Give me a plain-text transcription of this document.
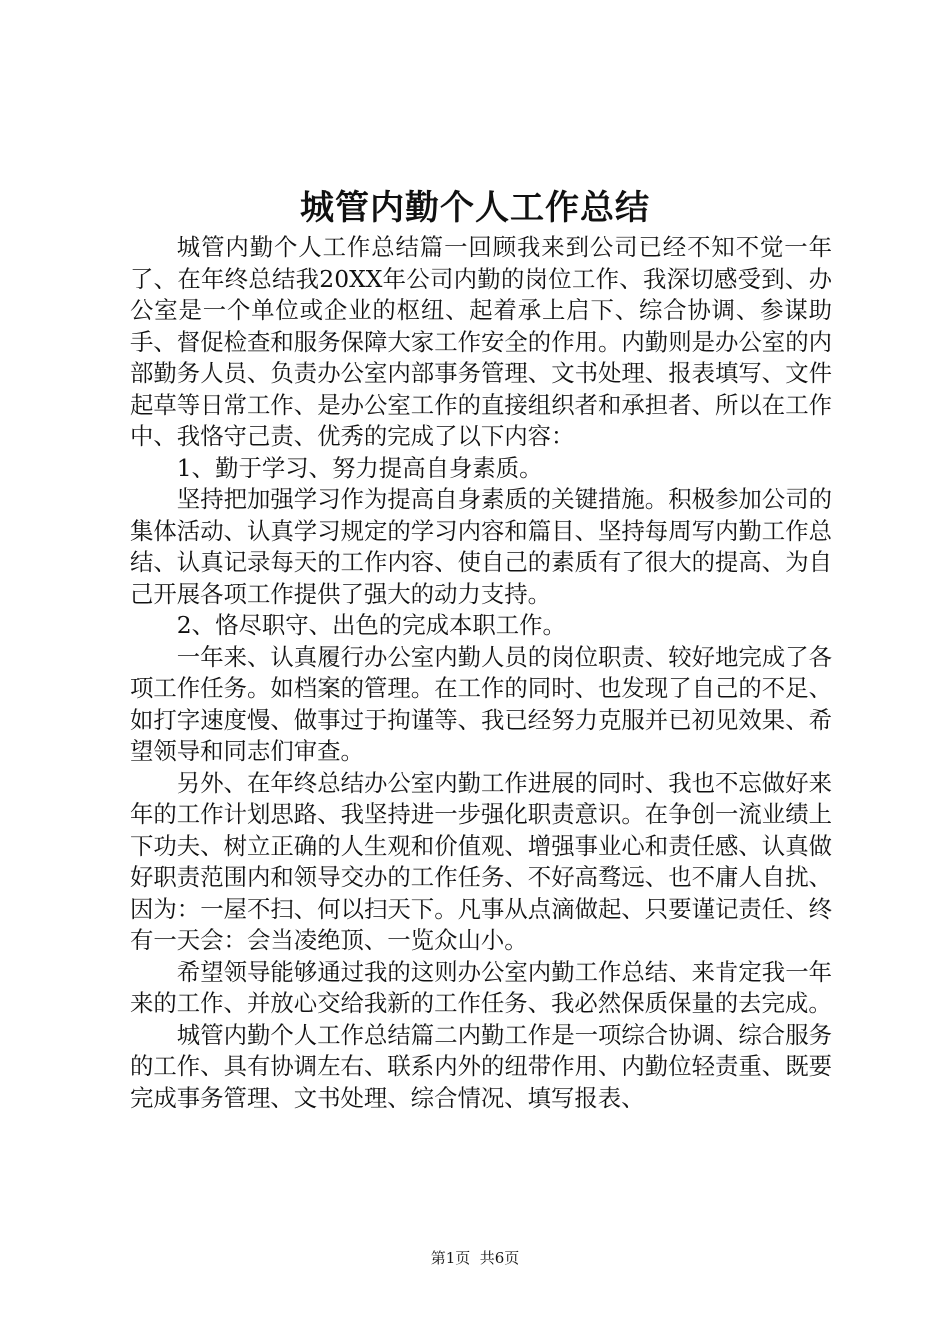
城管内勤个人工作总结

城管内勤个人工作总结篇一回顾我来到公司已经不知不觉一年了、在年终总结我20XX年公司内勤的岗位工作、我深切感受到、办公室是一个单位或企业的枢纽、起着承上启下、综合协调、参谋助手、督促检查和服务保障大家工作安全的作用。内勤则是办公室的内部勤务人员、负责办公室内部事务管理、文书处理、报表填写、文件起草等日常工作、是办公室工作的直接组织者和承担者、所以在工作中、我恪守己责、优秀的完成了以下内容：

1、勤于学习、努力提高自身素质。

坚持把加强学习作为提高自身素质的关键措施。积极参加公司的集体活动、认真学习规定的学习内容和篇目、坚持每周写内勤工作总结、认真记录每天的工作内容、使自己的素质有了很大的提高、为自己开展各项工作提供了强大的动力支持。

2、恪尽职守、出色的完成本职工作。

一年来、认真履行办公室内勤人员的岗位职责、较好地完成了各项工作任务。如档案的管理。在工作的同时、也发现了自己的不足、如打字速度慢、做事过于拘谨等、我已经努力克服并已初见效果、希望领导和同志们审查。

另外、在年终总结办公室内勤工作进展的同时、我也不忘做好来年的工作计划思路、我坚持进一步强化职责意识。在争创一流业绩上下功夫、树立正确的人生观和价值观、增强事业心和责任感、认真做好职责范围内和领导交办的工作任务、不好高骛远、也不庸人自扰、因为：一屋不扫、何以扫天下。凡事从点滴做起、只要谨记责任、终有一天会：会当凌绝顶、一览众山小。

希望领导能够通过我的这则办公室内勤工作总结、来肯定我一年来的工作、并放心交给我新的工作任务、我必然保质保量的去完成。

城管内勤个人工作总结篇二内勤工作是一项综合协调、综合服务的工作、具有协调左右、联系内外的纽带作用、内勤位轻责重、既要完成事务管理、文书处理、综合情况、填写报表、

第1页  共6页
